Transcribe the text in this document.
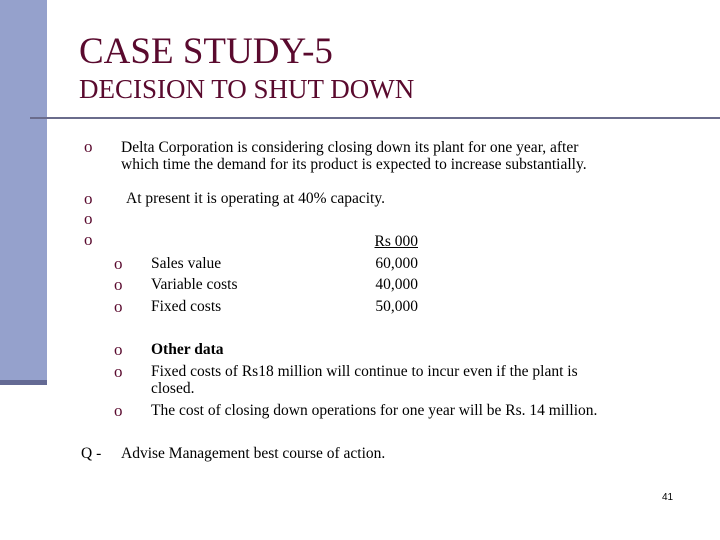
CASE STUDY-5
DECISION TO SHUT DOWN
o Delta Corporation is considering closing down its plant for one year, after
which time the demand for its product is expected to increase substantially.
o
o
o
At present it is operating at 40% capacity.
Rs 000
o Sales value	60,000
o Variable costs	40,000
o Fixed costs	50,000
o Other data
o Fixed costs of Rs18 million will continue to incur even if the plant is
closed.
o The cost of closing down operations for one year will be Rs. 14 million.
Q - Advise Management best course of action.
41
